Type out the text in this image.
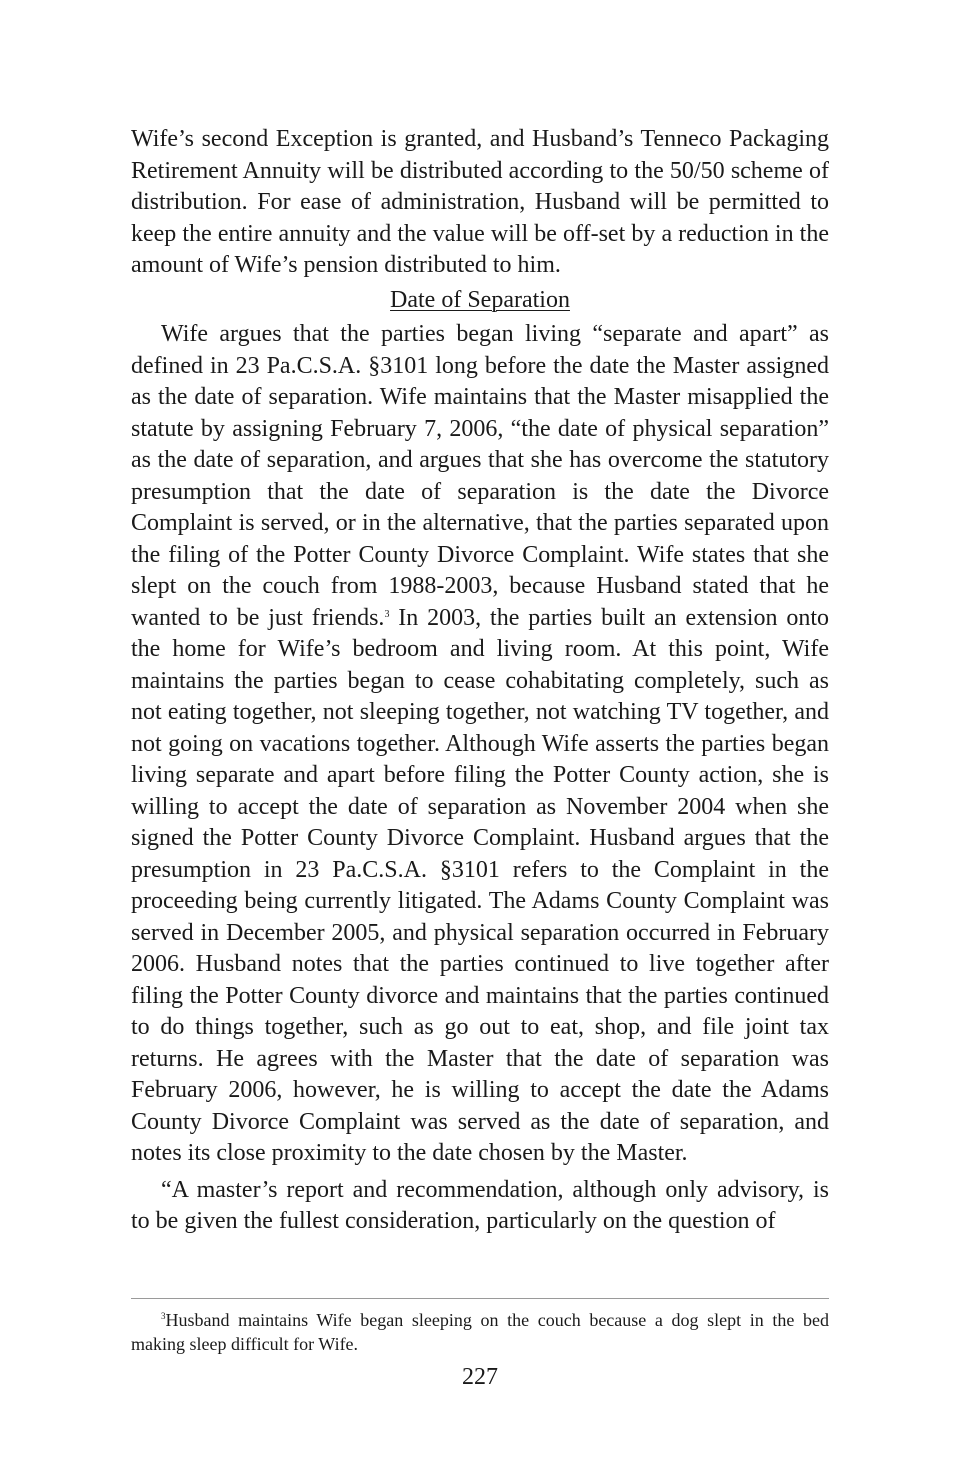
Wife’s second Exception is granted, and Husband’s Tenneco Packaging Retirement Annuity will be distributed according to the 50/50 scheme of distribution. For ease of administration, Husband will be permitted to keep the entire annuity and the value will be off-set by a reduction in the amount of Wife’s pension distributed to him.

Date of Separation

Wife argues that the parties began living “separate and apart” as defined in 23 Pa.C.S.A. §3101 long before the date the Master assigned as the date of separation. Wife maintains that the Master misapplied the statute by assigning February 7, 2006, “the date of physical separation” as the date of separation, and argues that she has overcome the statutory presumption that the date of separation is the date the Divorce Complaint is served, or in the alternative, that the parties separated upon the filing of the Potter County Divorce Complaint. Wife states that she slept on the couch from 1988-2003, because Husband stated that he wanted to be just friends.$^3$ In 2003, the parties built an extension onto the home for Wife’s bedroom and living room. At this point, Wife maintains the parties began to cease cohabitating completely, such as not eating together, not sleeping together, not watching TV together, and not going on vacations together. Although Wife asserts the parties began living separate and apart before filing the Potter County action, she is willing to accept the date of separation as November 2004 when she signed the Potter County Divorce Complaint. Husband argues that the presumption in 23 Pa.C.S.A. §3101 refers to the Complaint in the proceeding being currently litigated. The Adams County Complaint was served in December 2005, and physical separation occurred in February 2006. Husband notes that the parties continued to live together after filing the Potter County divorce and maintains that the parties continued to do things together, such as go out to eat, shop, and file joint tax returns. He agrees with the Master that the date of separation was February 2006, however, he is willing to accept the date the Adams County Divorce Complaint was served as the date of separation, and notes its close proximity to the date chosen by the Master.

“A master’s report and recommendation, although only advisory, is to be given the fullest consideration, particularly on the question of

$^3$Husband maintains Wife began sleeping on the couch because a dog slept in the bed making sleep difficult for Wife.

227
